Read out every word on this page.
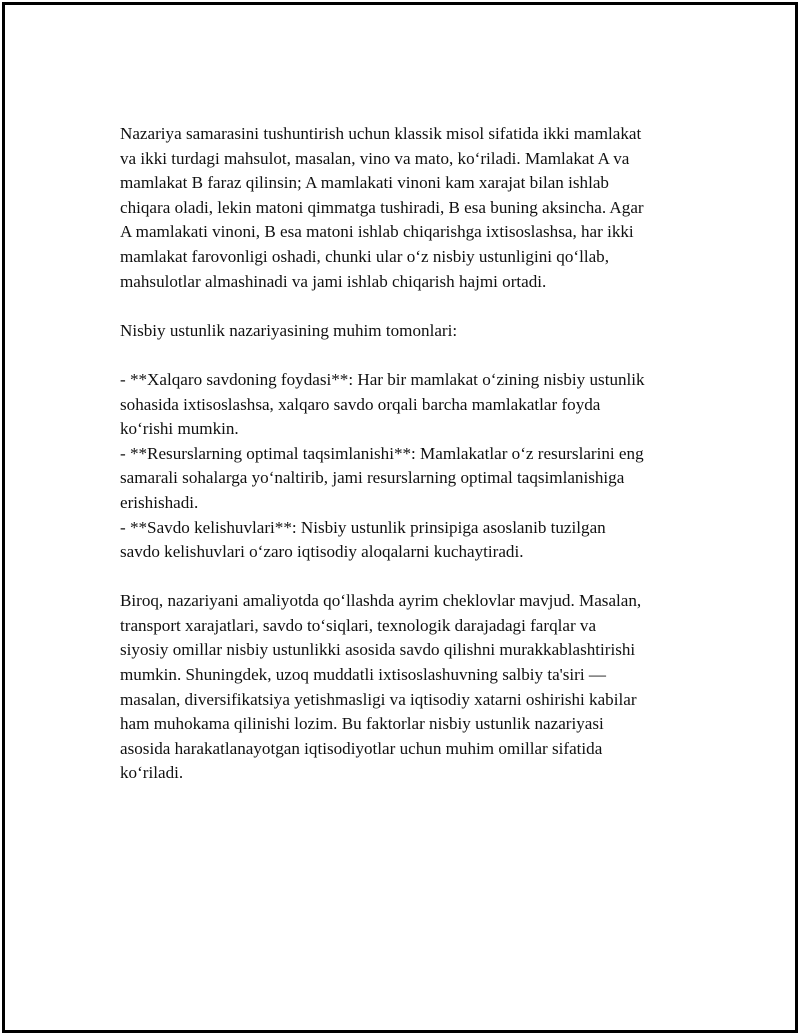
Nazariya samarasini tushuntirish uchun klassik misol sifatida ikki mamlakat
va ikki turdagi mahsulot, masalan, vino va mato, ko‘riladi. Mamlakat A va
mamlakat B faraz qilinsin; A mamlakati vinoni kam xarajat bilan ishlab
chiqara oladi, lekin matoni qimmatga tushiradi, B esa buning aksincha. Agar
A mamlakati vinoni, B esa matoni ishlab chiqarishga ixtisoslashsa, har ikki
mamlakat farovonligi oshadi, chunki ular o‘z nisbiy ustunligini qo‘llab,
mahsulotlar almashinadi va jami ishlab chiqarish hajmi ortadi.

Nisbiy ustunlik nazariyasining muhim tomonlari:

- **Xalqaro savdoning foydasi**: Har bir mamlakat o‘zining nisbiy ustunlik
sohasida ixtisoslashsa, xalqaro savdo orqali barcha mamlakatlar foyda
ko‘rishi mumkin.
- **Resurslarning optimal taqsimlanishi**: Mamlakatlar o‘z resurslarini eng
samarali sohalarga yo‘naltirib, jami resurslarning optimal taqsimlanishiga
erishishadi.
- **Savdo kelishuvlari**: Nisbiy ustunlik prinsipiga asoslanib tuzilgan
savdo kelishuvlari o‘zaro iqtisodiy aloqalarni kuchaytiradi.

Biroq, nazariyani amaliyotda qo‘llashda ayrim cheklovlar mavjud. Masalan,
transport xarajatlari, savdo to‘siqlari, texnologik darajadagi farqlar va
siyosiy omillar nisbiy ustunlikki asosida savdo qilishni murakkablashtirishi
mumkin. Shuningdek, uzoq muddatli ixtisoslashuvning salbiy ta'siri —
masalan, diversifikatsiya yetishmasligi va iqtisodiy xatarni oshirishi kabilar
ham muhokama qilinishi lozim. Bu faktorlar nisbiy ustunlik nazariyasi
asosida harakatlanayotgan iqtisodiyotlar uchun muhim omillar sifatida
ko‘riladi.
